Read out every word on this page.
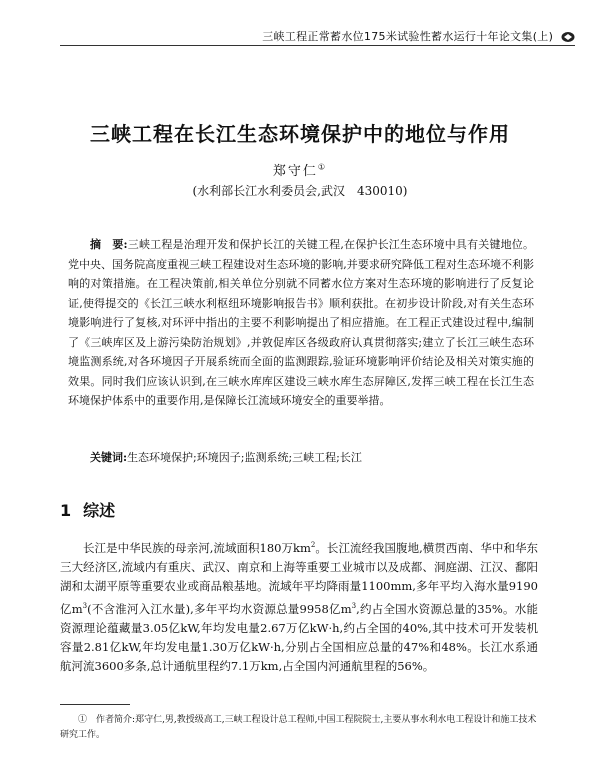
三峡工程正常蓄水位175米试验性蓄水运行十年论文集(上)
三峡工程在长江生态环境保护中的地位与作用
郑守仁①
(水利部长江水利委员会,武汉　430010)
摘　要:三峡工程是治理开发和保护长江的关键工程,在保护长江生态环境中具有关键地位。党中央、国务院高度重视三峡工程建设对生态环境的影响,并要求研究降低工程对生态环境不利影响的对策措施。在工程决策前,相关单位分别就不同蓄水位方案对生态环境的影响进行了反复论证,使得提交的《长江三峡水利枢纽环境影响报告书》顺利获批。在初步设计阶段,对有关生态环境影响进行了复核,对环评中指出的主要不利影响提出了相应措施。在工程正式建设过程中,编制了《三峡库区及上游污染防治规划》,并敦促库区各级政府认真贯彻落实;建立了长江三峡生态环境监测系统,对各环境因子开展系统而全面的监测跟踪,验证环境影响评价结论及相关对策实施的效果。同时我们应该认识到,在三峡水库库区建设三峡水库生态屏障区,发挥三峡工程在长江生态环境保护体系中的重要作用,是保障长江流域环境安全的重要举措。
关键词:生态环境保护;环境因子;监测系统;三峡工程;长江
1 综述
长江是中华民族的母亲河,流域面积180万$km^2$。长江流经我国腹地,横贯西南、华中和华东三大经济区,流域内有重庆、武汉、南京和上海等重要工业城市以及成都、洞庭湖、江汉、鄱阳湖和太湖平原等重要农业或商品粮基地。流域年平均降雨量1100mm,多年平均入海水量9190亿$m^3$(不含淮河入江水量),多年平均水资源总量9958亿$m^3$,约占全国水资源总量的35%。水能资源理论蕴藏量3.05亿kW,年均发电量2.67万亿kW·h,约占全国的40%,其中技术可开发装机容量2.81亿kW,年均发电量1.30万亿kW·h,分别占全国相应总量的47%和48%。长江水系通航河流3600多条,总计通航里程约7.1万km,占全国内河通航里程的56%。
①　 作者简介:郑守仁,男,教授级高工,三峡工程设计总工程师,中国工程院院士,主要从事水利水电工程设计和施工技术研究工作。
